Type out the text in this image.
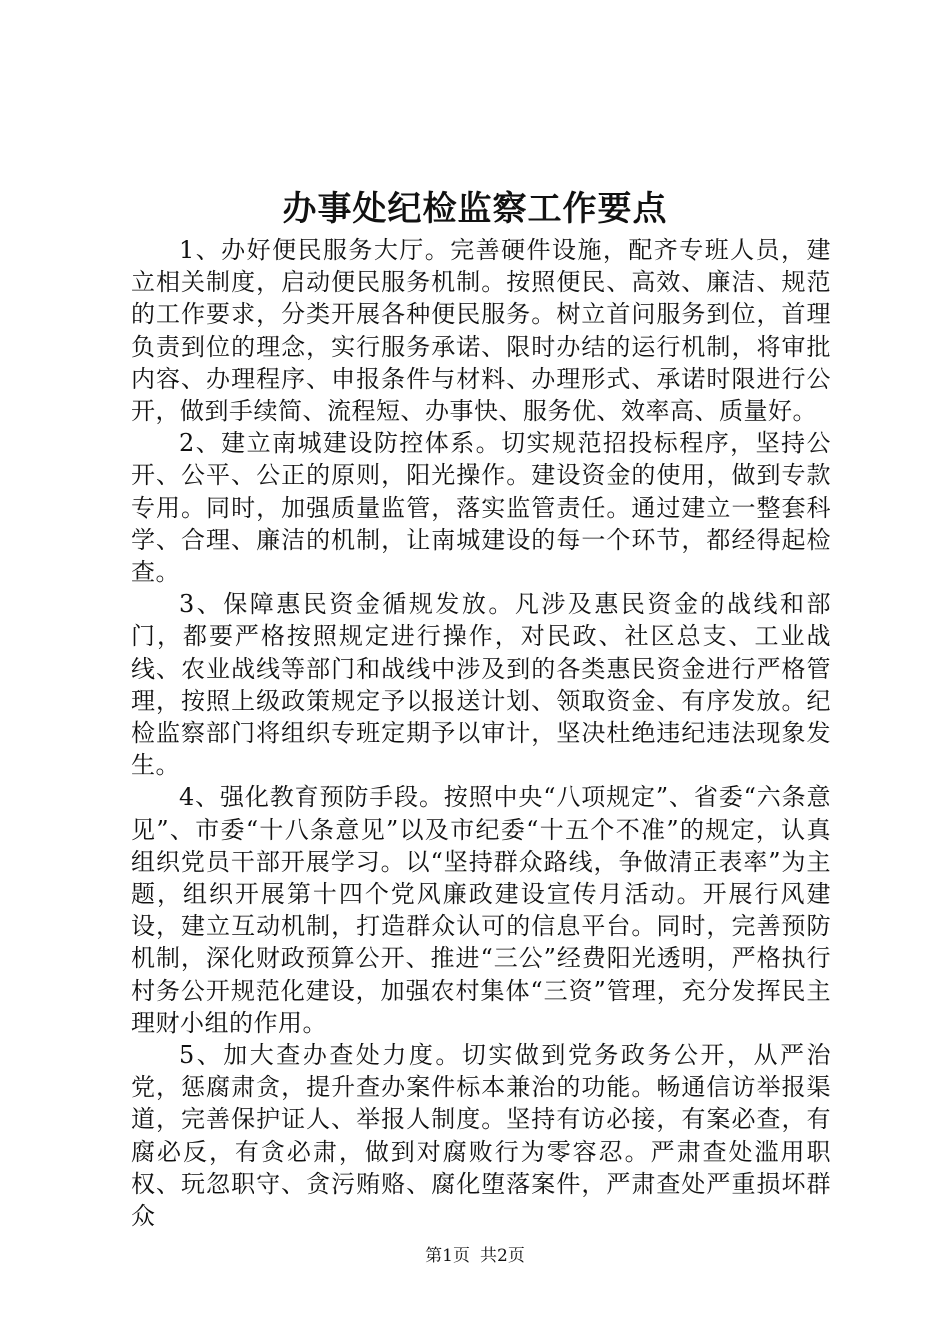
办事处纪检监察工作要点

1、办好便民服务大厅。完善硬件设施，配齐专班人员，建立相关制度，启动便民服务机制。按照便民、高效、廉洁、规范的工作要求，分类开展各种便民服务。树立首问服务到位，首理负责到位的理念，实行服务承诺、限时办结的运行机制，将审批内容、办理程序、申报条件与材料、办理形式、承诺时限进行公开，做到手续简、流程短、办事快、服务优、效率高、质量好。

2、建立南城建设防控体系。切实规范招投标程序，坚持公开、公平、公正的原则，阳光操作。建设资金的使用，做到专款专用。同时，加强质量监管，落实监管责任。通过建立一整套科学、合理、廉洁的机制，让南城建设的每一个环节，都经得起检查。

3、保障惠民资金循规发放。凡涉及惠民资金的战线和部门，都要严格按照规定进行操作，对民政、社区总支、工业战线、农业战线等部门和战线中涉及到的各类惠民资金进行严格管理，按照上级政策规定予以报送计划、领取资金、有序发放。纪检监察部门将组织专班定期予以审计，坚决杜绝违纪违法现象发生。

4、强化教育预防手段。按照中央“八项规定”、省委“六条意见”、市委“十八条意见”以及市纪委“十五个不准”的规定，认真组织党员干部开展学习。以“坚持群众路线，争做清正表率”为主题，组织开展第十四个党风廉政建设宣传月活动。开展行风建设，建立互动机制，打造群众认可的信息平台。同时，完善预防机制，深化财政预算公开、推进“三公”经费阳光透明，严格执行村务公开规范化建设，加强农村集体“三资”管理，充分发挥民主理财小组的作用。

5、加大查办查处力度。切实做到党务政务公开，从严治党，惩腐肃贪，提升查办案件标本兼治的功能。畅通信访举报渠道，完善保护证人、举报人制度。坚持有访必接，有案必查，有腐必反，有贪必肃，做到对腐败行为零容忍。严肃查处滥用职权、玩忽职守、贪污贿赂、腐化堕落案件，严肃查处严重损坏群众

第1页 共2页
